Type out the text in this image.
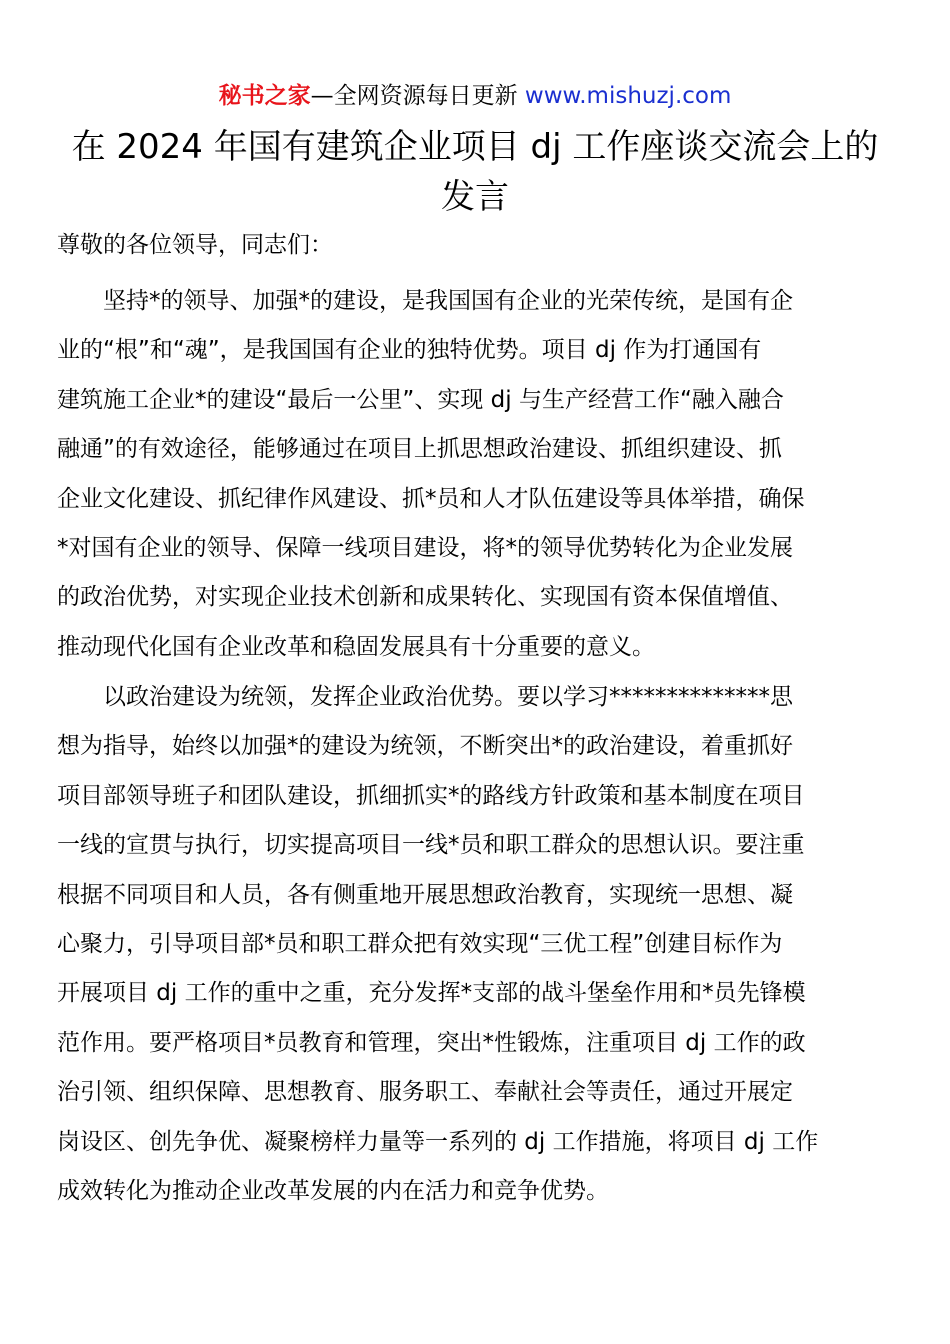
秘书之家—全网资源每日更新 www.mishuzj.com
在 2024 年国有建筑企业项目 dj 工作座谈交流会上的
发言
尊敬的各位领导，同志们：

坚持*的领导、加强*的建设，是我国国有企业的光荣传统，是国有企
业的“根”和“魂”，是我国国有企业的独特优势。项目 dj 作为打通国有
建筑施工企业*的建设“最后一公里”、实现 dj 与生产经营工作“融入融合
融通”的有效途径，能够通过在项目上抓思想政治建设、抓组织建设、抓
企业文化建设、抓纪律作风建设、抓*员和人才队伍建设等具体举措，确保
*对国有企业的领导、保障一线项目建设，将*的领导优势转化为企业发展
的政治优势，对实现企业技术创新和成果转化、实现国有资本保值增值、
推动现代化国有企业改革和稳固发展具有十分重要的意义。

以政治建设为统领，发挥企业政治优势。要以学习**************思
想为指导，始终以加强*的建设为统领，不断突出*的政治建设，着重抓好
项目部领导班子和团队建设，抓细抓实*的路线方针政策和基本制度在项目
一线的宣贯与执行，切实提高项目一线*员和职工群众的思想认识。要注重
根据不同项目和人员，各有侧重地开展思想政治教育，实现统一思想、凝
心聚力，引导项目部*员和职工群众把有效实现“三优工程”创建目标作为
开展项目 dj 工作的重中之重，充分发挥*支部的战斗堡垒作用和*员先锋模
范作用。要严格项目*员教育和管理，突出*性锻炼，注重项目 dj 工作的政
治引领、组织保障、思想教育、服务职工、奉献社会等责任，通过开展定
岗设区、创先争优、凝聚榜样力量等一系列的 dj 工作措施，将项目 dj 工作
成效转化为推动企业改革发展的内在活力和竞争优势。
